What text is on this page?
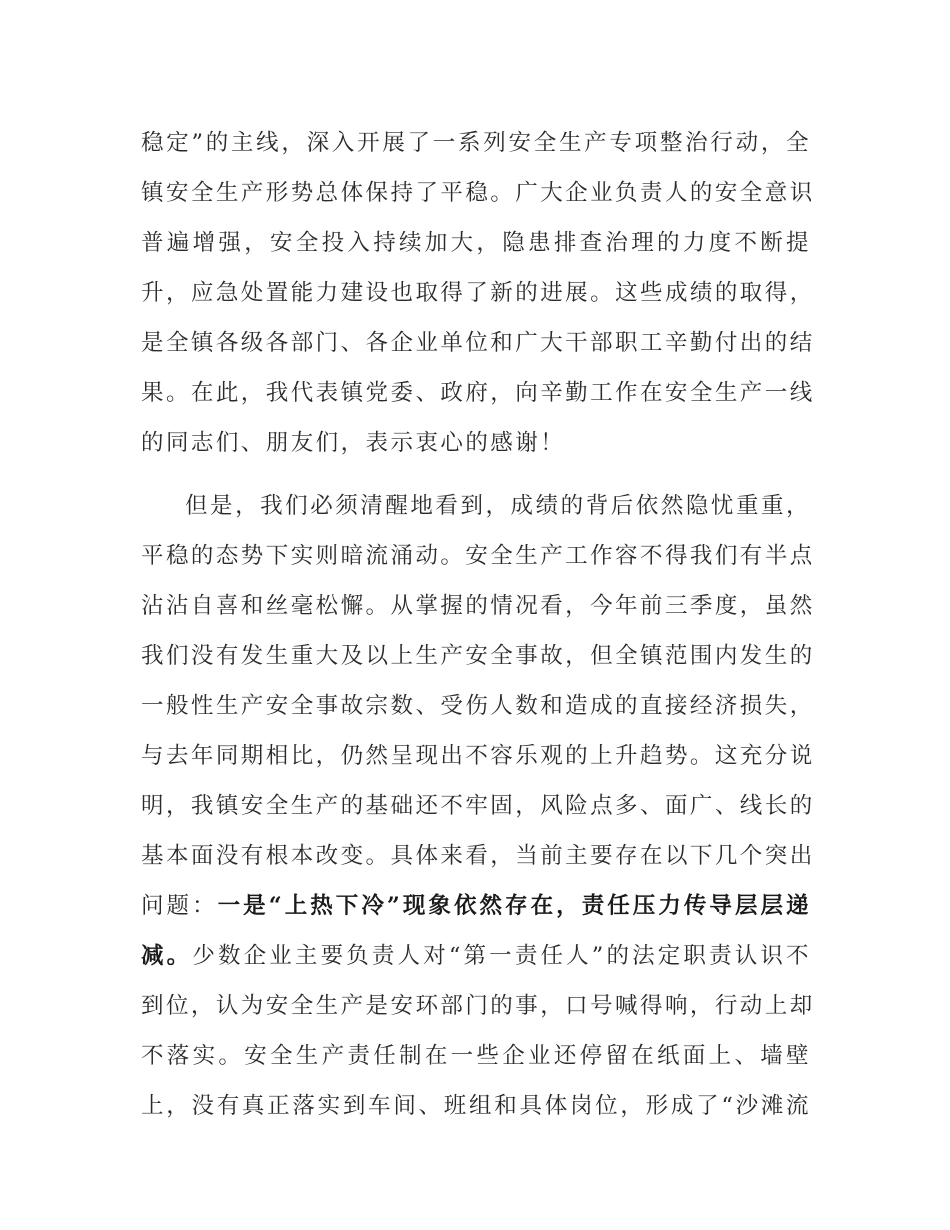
稳定”的主线，深入开展了一系列安全生产专项整治行动，全
镇安全生产形势总体保持了平稳。广大企业负责人的安全意识
普遍增强，安全投入持续加大，隐患排查治理的力度不断提
升，应急处置能力建设也取得了新的进展。这些成绩的取得，
是全镇各级各部门、各企业单位和广大干部职工辛勤付出的结
果。在此，我代表镇党委、政府，向辛勤工作在安全生产一线
的同志们、朋友们，表示衷心的感谢！
但是，我们必须清醒地看到，成绩的背后依然隐忧重重，
平稳的态势下实则暗流涌动。安全生产工作容不得我们有半点
沾沾自喜和丝毫松懈。从掌握的情况看，今年前三季度，虽然
我们没有发生重大及以上生产安全事故，但全镇范围内发生的
一般性生产安全事故宗数、受伤人数和造成的直接经济损失，
与去年同期相比，仍然呈现出不容乐观的上升趋势。这充分说
明，我镇安全生产的基础还不牢固，风险点多、面广、线长的
基本面没有根本改变。具体来看，当前主要存在以下几个突出
问题：一是“上热下冷”现象依然存在，责任压力传导层层递
减。少数企业主要负责人对“第一责任人”的法定职责认识不
到位，认为安全生产是安环部门的事，口号喊得响，行动上却
不落实。安全生产责任制在一些企业还停留在纸面上、墙壁
上，没有真正落实到车间、班组和具体岗位，形成了“沙滩流
